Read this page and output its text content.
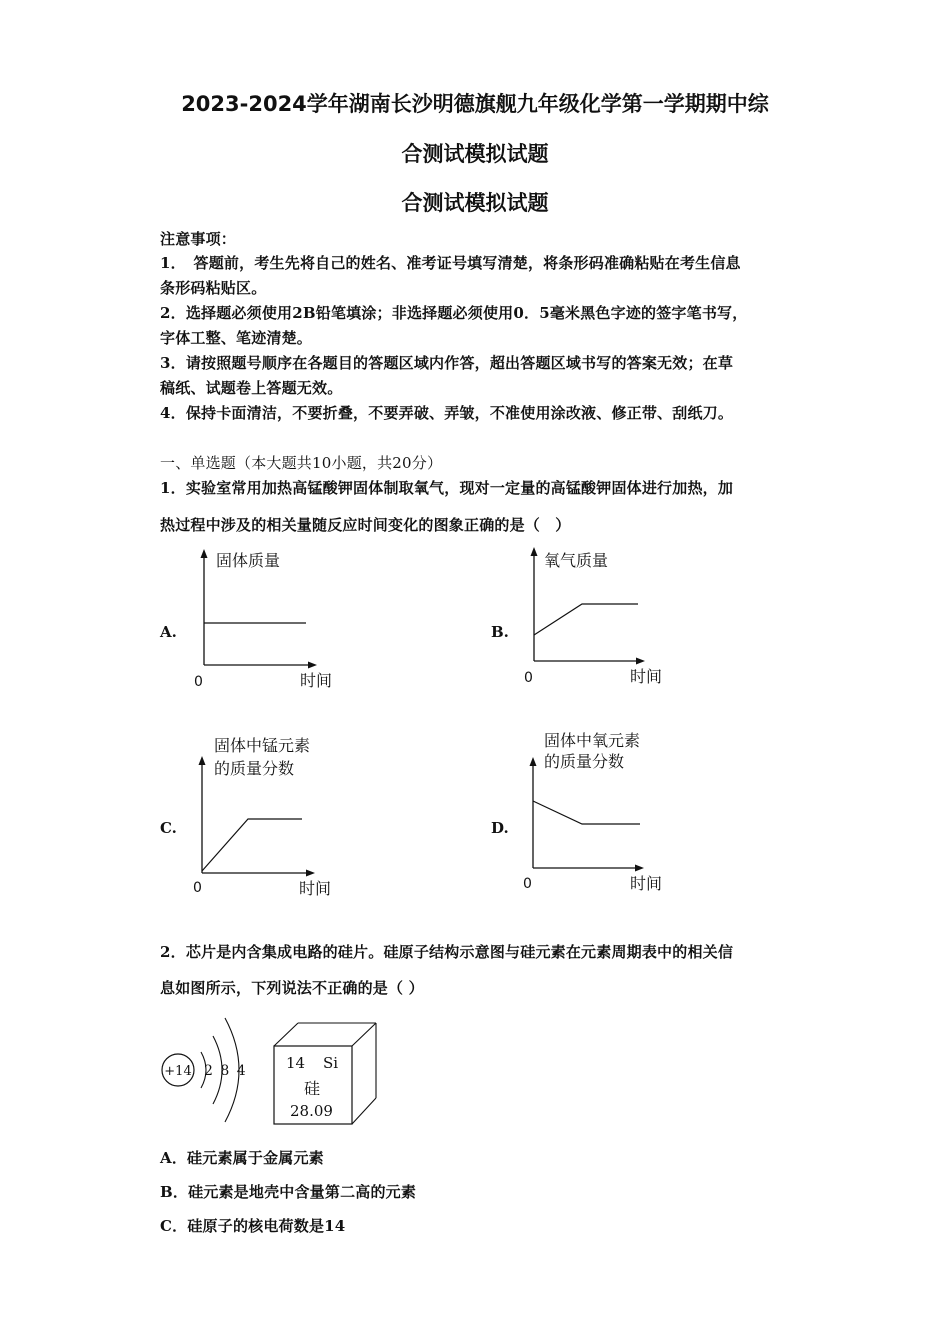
2023-2024学年湖南长沙明德旗舰九年级化学第一学期期中综
合测试模拟试题
合测试模拟试题
注意事项：
1．　答题前，考生先将自己的姓名、准考证号填写清楚，将条形码准确粘贴在考生信息
条形码粘贴区。
2．选择题必须使用2B铅笔填涂；非选择题必须使用0．5毫米黑色字迹的签字笔书写，
字体工整、笔迹清楚。
3．请按照题号顺序在各题目的答题区域内作答，超出答题区域书写的答案无效；在草
稿纸、试题卷上答题无效。
4．保持卡面清洁，不要折叠，不要弄破、弄皱，不准使用涂改液、修正带、刮纸刀。
一、单选题（本大题共10小题，共20分）
1．实验室常用加热高锰酸钾固体制取氧气，现对一定量的高锰酸钾固体进行加热，加
热过程中涉及的相关量随反应时间变化的图象正确的是（　）
A.
固体质量
0	时间
B.
氧气质量
0	时间
C.
固体中锰元素
的质量分数
0	时间
D.
固体中氧元素
的质量分数
0	时间
2．芯片是内含集成电路的硅片。硅原子结构示意图与硅元素在元素周期表中的相关信
息如图所示，下列说法不正确的是（ ）
+14 2 8 4	14 Si
硅
28.09
A．硅元素属于金属元素
B．硅元素是地壳中含量第二高的元素
C．硅原子的核电荷数是14
